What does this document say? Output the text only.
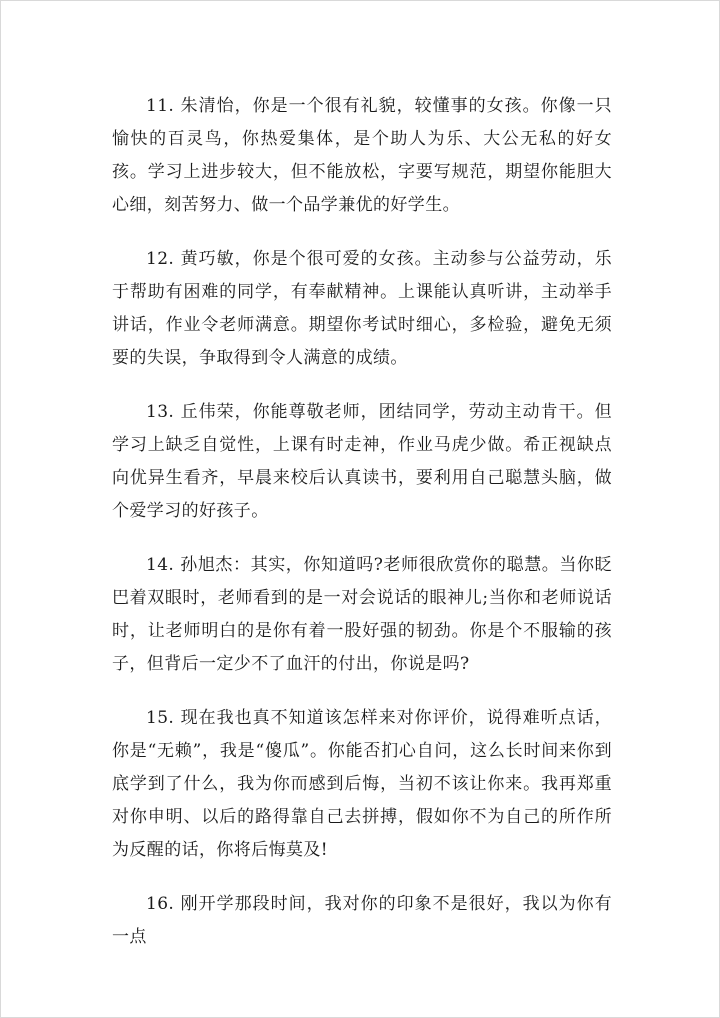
11. 朱清怡，你是一个很有礼貌，较懂事的女孩。你像一只愉快的百灵鸟，你热爱集体，是个助人为乐、大公无私的好女孩。学习上进步较大，但不能放松，字要写规范，期望你能胆大心细，刻苦努力、做一个品学兼优的好学生。

12. 黄巧敏，你是个很可爱的女孩。主动参与公益劳动，乐于帮助有困难的同学，有奉献精神。上课能认真听讲，主动举手讲话，作业令老师满意。期望你考试时细心，多检验，避免无须要的失误，争取得到令人满意的成绩。

13. 丘伟荣，你能尊敬老师，团结同学，劳动主动肯干。但学习上缺乏自觉性，上课有时走神，作业马虎少做。希正视缺点向优异生看齐，早晨来校后认真读书，要利用自己聪慧头脑，做个爱学习的好孩子。

14. 孙旭杰：其实，你知道吗?老师很欣赏你的聪慧。当你眨巴着双眼时，老师看到的是一对会说话的眼神儿;当你和老师说话时，让老师明白的是你有着一股好强的韧劲。你是个不服输的孩子，但背后一定少不了血汗的付出，你说是吗?

15. 现在我也真不知道该怎样来对你评价，说得难听点话，你是“无赖”，我是“傻瓜”。你能否扪心自问，这么长时间来你到底学到了什么，我为你而感到后悔，当初不该让你来。我再郑重对你申明、以后的路得靠自己去拼搏，假如你不为自己的所作所为反醒的话，你将后悔莫及!

16. 刚开学那段时间，我对你的印象不是很好，我以为你有一点
